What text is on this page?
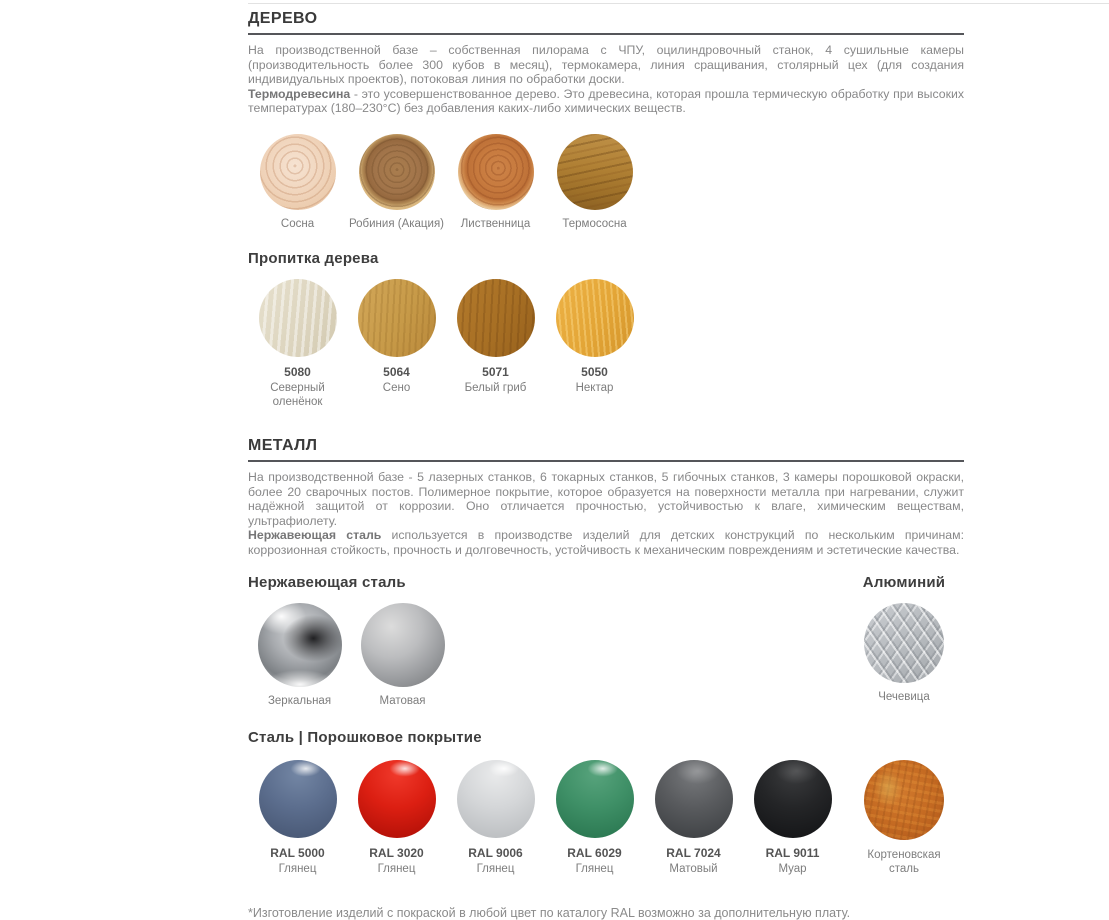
ДЕРЕВО

На производственной базе – собственная пилорама с ЧПУ, оцилиндровочный станок, 4 сушильные камеры (производительность более 300 кубов в месяц), термокамера, линия сращивания, столярный цех (для создания индивидуальных проектов), потоковая линия по обработки доски.

Термодревесина - это усовершенствованное дерево. Это древесина, которая прошла термическую обработку при высоких температурах (180–230°С) без добавления каких-либо химических веществ.

Сосна	Робиния (Акация)	Лиственница	Термососна
Пропитка дерева
5080
Северный оленёнок
5064
Сено
5071
Белый гриб
5050
Нектар
МЕТАЛЛ

На производственной базе - 5 лазерных станков, 6 токарных станков, 5 гибочных станков, 3 камеры порошковой окраски, более 20 сварочных постов. Полимерное покрытие, которое образуется на поверхности металла при нагревании, служит надёжной защитой от коррозии. Оно отличается прочностью, устойчивостью к влаге, химическим веществам, ультрафиолету.

Нержавеющая сталь используется в производстве изделий для детских конструкций по нескольким причинам: коррозионная стойкость, прочность и долговечность, устойчивость к механическим повреждениям и эстетические качества.

Нержавеющая сталь
Зеркальная	Матовая
Алюминий
Чечевица
Сталь | Порошковое покрытие
RAL 5000
Глянец
RAL 3020
Глянец
RAL 9006
Глянец
RAL 6029
Глянец
RAL 7024
Матовый
RAL 9011
Муар
Кортеновская сталь

*Изготовление изделий с покраской в любой цвет по каталогу RAL возможно за дополнительную плату.
